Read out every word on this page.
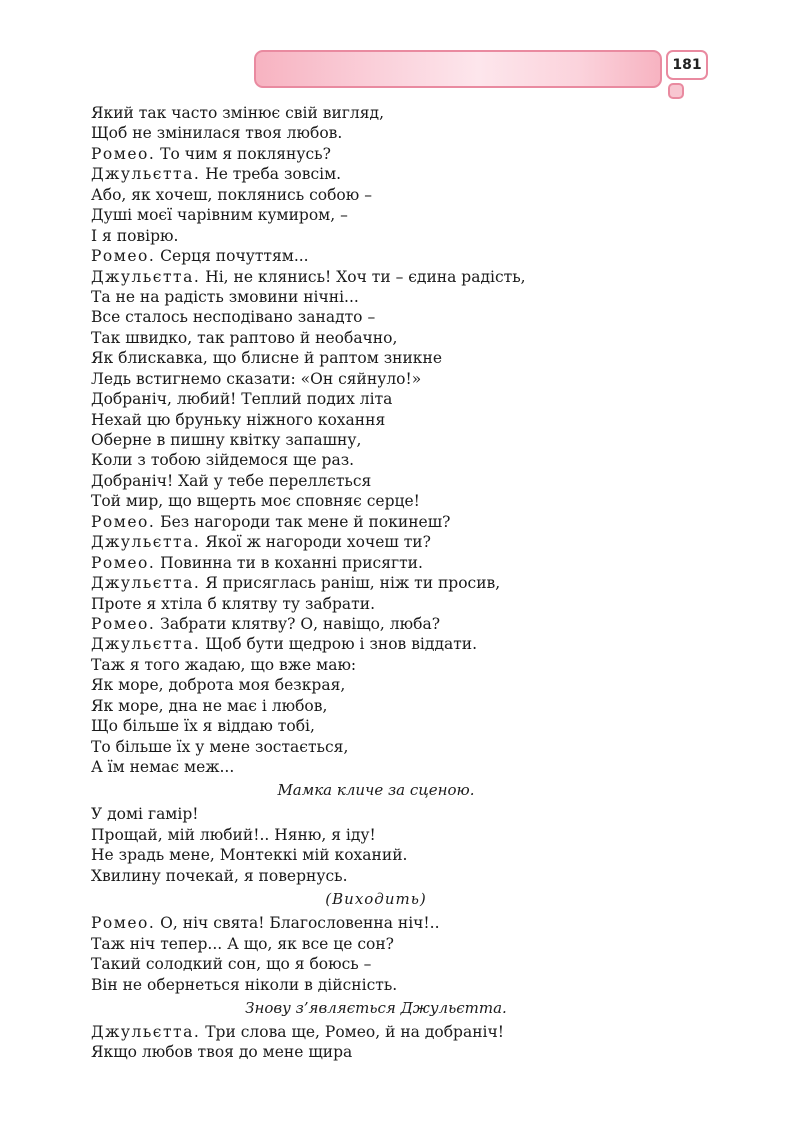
181
Який так часто змінює свій вигляд,
Щоб не змінилася твоя любов.
Ромео. То чим я поклянусь?
Джульєтта. Не треба зовсім.
Або, як хочеш, поклянись собою –
Душі моєї чарівним кумиром, –
І я повірю.
Ромео. Серця почуттям...
Джульєтта. Ні, не клянись! Хоч ти – єдина радість,
Та не на радість змовини нічні...
Все сталось несподівано занадто –
Так швидко, так раптово й необачно,
Як блискавка, що блисне й раптом зникне
Ледь встигнемо сказати: «Он сяйнуло!»
Добраніч, любий! Теплий подих літа
Нехай цю бруньку ніжного кохання
Оберне в пишну квітку запашну,
Коли з тобою зійдемося ще раз.
Добраніч! Хай у тебе переллється
Той мир, що вщерть моє сповняє серце!
Ромео. Без нагороди так мене й покинеш?
Джульєтта. Якої ж нагороди хочеш ти?
Ромео. Повинна ти в коханні присягти.
Джульєтта. Я присяглась раніш, ніж ти просив,
Проте я хтіла б клятву ту забрати.
Ромео. Забрати клятву? О, навіщо, люба?
Джульєтта. Щоб бути щедрою і знов віддати.
Таж я того жадаю, що вже маю:
Як море, доброта моя безкрая,
Як море, дна не має і любов,
Що більше їх я віддаю тобі,
То більше їх у мене зостається,
А їм немає меж...
Мамка кличе за сценою.
У домі гамір!
Прощай, мій любий!.. Няню, я іду!
Не зрадь мене, Монтеккі мій коханий.
Хвилину почекай, я повернусь.
(Виходить)
Ромео. О, ніч свята! Благословенна ніч!..
Таж ніч тепер... А що, як все це сон?
Такий солодкий сон, що я боюсь –
Він не обернеться ніколи в дійсність.
Знову з’являється Джульєтта.
Джульєтта. Три слова ще, Ромео, й на добраніч!
Якщо любов твоя до мене щира
